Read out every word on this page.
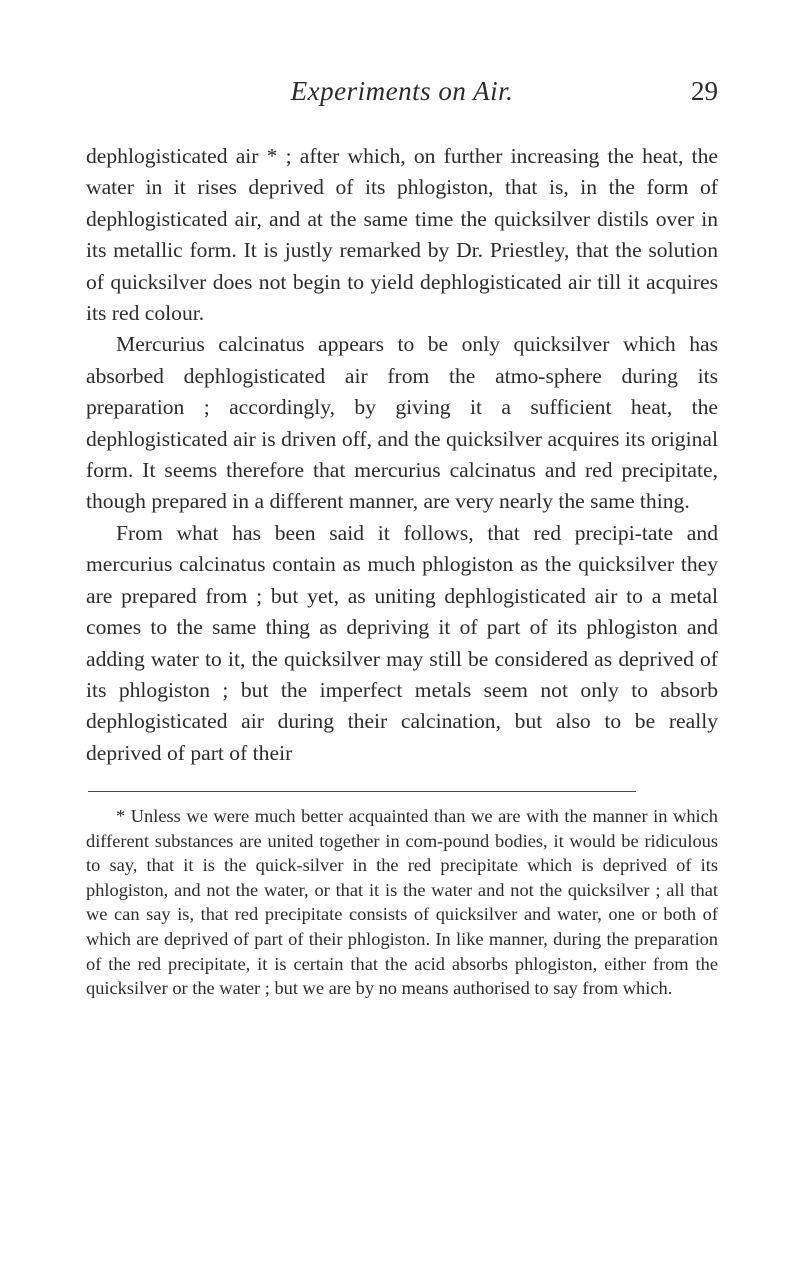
Experiments on Air.	29

dephlogisticated air * ; after which, on further increasing the heat, the water in it rises deprived of its phlogiston, that is, in the form of dephlogisticated air, and at the same time the quicksilver distils over in its metallic form. It is justly remarked by Dr. Priestley, that the solution of quicksilver does not begin to yield dephlogisticated air till it acquires its red colour.

Mercurius calcinatus appears to be only quicksilver which has absorbed dephlogisticated air from the atmo-sphere during its preparation ; accordingly, by giving it a sufficient heat, the dephlogisticated air is driven off, and the quicksilver acquires its original form. It seems therefore that mercurius calcinatus and red precipitate, though prepared in a different manner, are very nearly the same thing.

From what has been said it follows, that red precipi-tate and mercurius calcinatus contain as much phlogiston as the quicksilver they are prepared from ; but yet, as uniting dephlogisticated air to a metal comes to the same thing as depriving it of part of its phlogiston and adding water to it, the quicksilver may still be considered as deprived of its phlogiston ; but the imperfect metals seem not only to absorb dephlogisticated air during their calcination, but also to be really deprived of part of their

* Unless we were much better acquainted than we are with the manner in which different substances are united together in com-pound bodies, it would be ridiculous to say, that it is the quick-silver in the red precipitate which is deprived of its phlogiston, and not the water, or that it is the water and not the quicksilver ; all that we can say is, that red precipitate consists of quicksilver and water, one or both of which are deprived of part of their phlogiston. In like manner, during the preparation of the red precipitate, it is certain that the acid absorbs phlogiston, either from the quicksilver or the water ; but we are by no means authorised to say from which.
